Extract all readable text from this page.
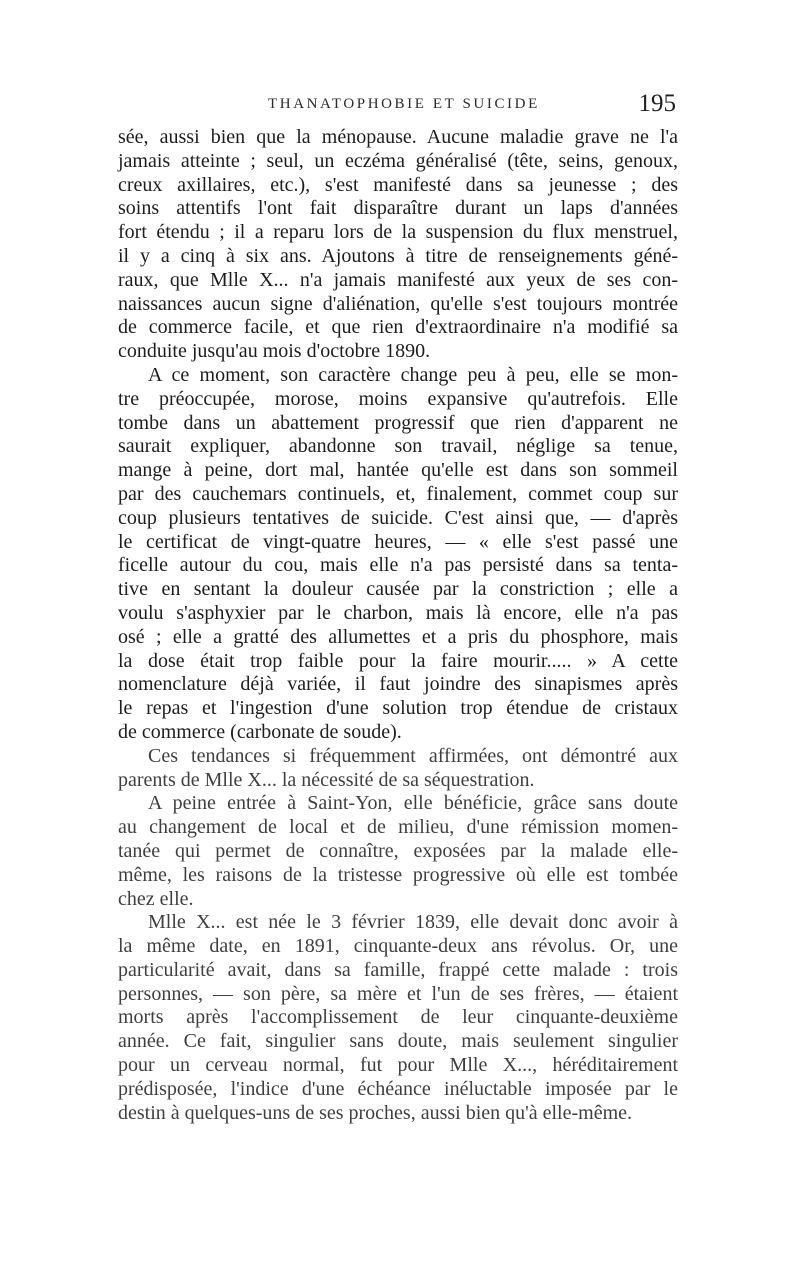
THANATOPHOBIE ET SUICIDE	195
sée, aussi bien que la ménopause. Aucune maladie grave ne l'a
jamais atteinte ; seul, un eczéma généralisé (tête, seins, genoux,
creux axillaires, etc.), s'est manifesté dans sa jeunesse ; des
soins attentifs l'ont fait disparaître durant un laps d'années
fort étendu ; il a reparu lors de la suspension du flux menstruel,
il y a cinq à six ans. Ajoutons à titre de renseignements géné-
raux, que Mlle X... n'a jamais manifesté aux yeux de ses con-
naissances aucun signe d'aliénation, qu'elle s'est toujours montrée
de commerce facile, et que rien d'extraordinaire n'a modifié sa
conduite jusqu'au mois d'octobre 1890.
A ce moment, son caractère change peu à peu, elle se mon-
tre préoccupée, morose, moins expansive qu'autrefois. Elle
tombe dans un abattement progressif que rien d'apparent ne
saurait expliquer, abandonne son travail, néglige sa tenue,
mange à peine, dort mal, hantée qu'elle est dans son sommeil
par des cauchemars continuels, et, finalement, commet coup sur
coup plusieurs tentatives de suicide. C'est ainsi que, — d'après
le certificat de vingt-quatre heures, — « elle s'est passé une
ficelle autour du cou, mais elle n'a pas persisté dans sa tenta-
tive en sentant la douleur causée par la constriction ; elle a
voulu s'asphyxier par le charbon, mais là encore, elle n'a pas
osé ; elle a gratté des allumettes et a pris du phosphore, mais
la dose était trop faible pour la faire mourir..... » A cette
nomenclature déjà variée, il faut joindre des sinapismes après
le repas et l'ingestion d'une solution trop étendue de cristaux
de commerce (carbonate de soude).
Ces tendances si fréquemment affirmées, ont démontré aux
parents de Mlle X... la nécessité de sa séquestration.
A peine entrée à Saint-Yon, elle bénéficie, grâce sans doute
au changement de local et de milieu, d'une rémission momen-
tanée qui permet de connaître, exposées par la malade elle-
même, les raisons de la tristesse progressive où elle est tombée
chez elle.
Mlle X... est née le 3 février 1839, elle devait donc avoir à
la même date, en 1891, cinquante-deux ans révolus. Or, une
particularité avait, dans sa famille, frappé cette malade : trois
personnes, — son père, sa mère et l'un de ses frères, — étaient
morts après l'accomplissement de leur cinquante-deuxième
année. Ce fait, singulier sans doute, mais seulement singulier
pour un cerveau normal, fut pour Mlle X..., héréditairement
prédisposée, l'indice d'une échéance inéluctable imposée par le
destin à quelques-uns de ses proches, aussi bien qu'à elle-même.
